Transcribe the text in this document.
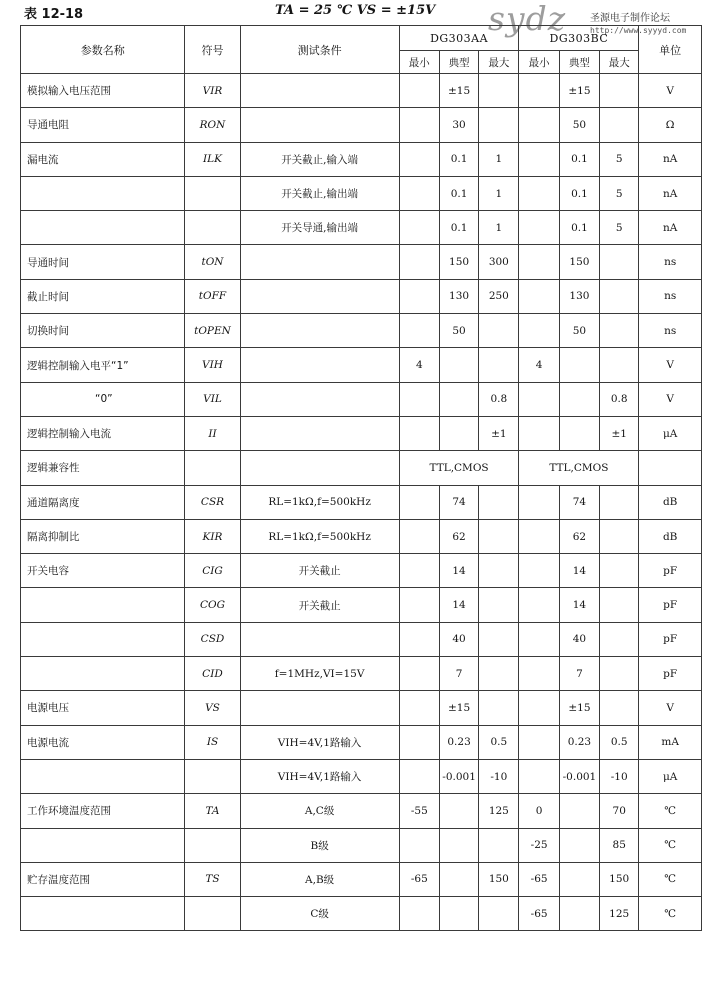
表 12-18	TA = 25 ℃ VS = ±15V sydz 圣源电子制作论坛
http://www.syyyd.com
参数名称	符号	测试条件	DG303AA			DG303BC			单位
			最小	典型	最大	最小	典型	最大	
模拟输入电压范围	VIR			±15			±15		V
导通电阻	RON			30			50		Ω
漏电流	ILK	开关截止,输入端		0.1	1		0.1	5	nA
		开关截止,输出端		0.1	1		0.1	5	nA
		开关导通,输出端		0.1	1		0.1	5	nA
导通时间	tON			150	300		150		ns
截止时间	tOFF			130	250		130		ns
切换时间	tOPEN			50			50		ns
逻辑控制输入电平“1”	VIH		4			4			V
“0”	VIL				0.8			0.8	V
逻辑控制输入电流	II				±1			±1	μA
逻辑兼容性			TTL,CMOS			TTL,CMOS			
通道隔离度	CSR	RL=1kΩ,f=500kHz		74			74		dB
隔离抑制比	KIR	RL=1kΩ,f=500kHz		62			62		dB
开关电容	CIG	开关截止		14			14		pF
	COG	开关截止		14			14		pF
	CSD			40			40		pF
	CID	f=1MHz,VI=15V		7			7		pF
电源电压	VS			±15			±15		V
电源电流	IS	VIH=4V,1路输入		0.23	0.5		0.23	0.5	mA
		VIH=4V,1路输入		-0.001	-10		-0.001	-10	μA
工作环境温度范围	TA	A,C级	-55		125	0		70	℃
		B级				-25		85	℃
贮存温度范围	TS	A,B级	-65		150	-65		150	℃
		C级				-65		125	℃
